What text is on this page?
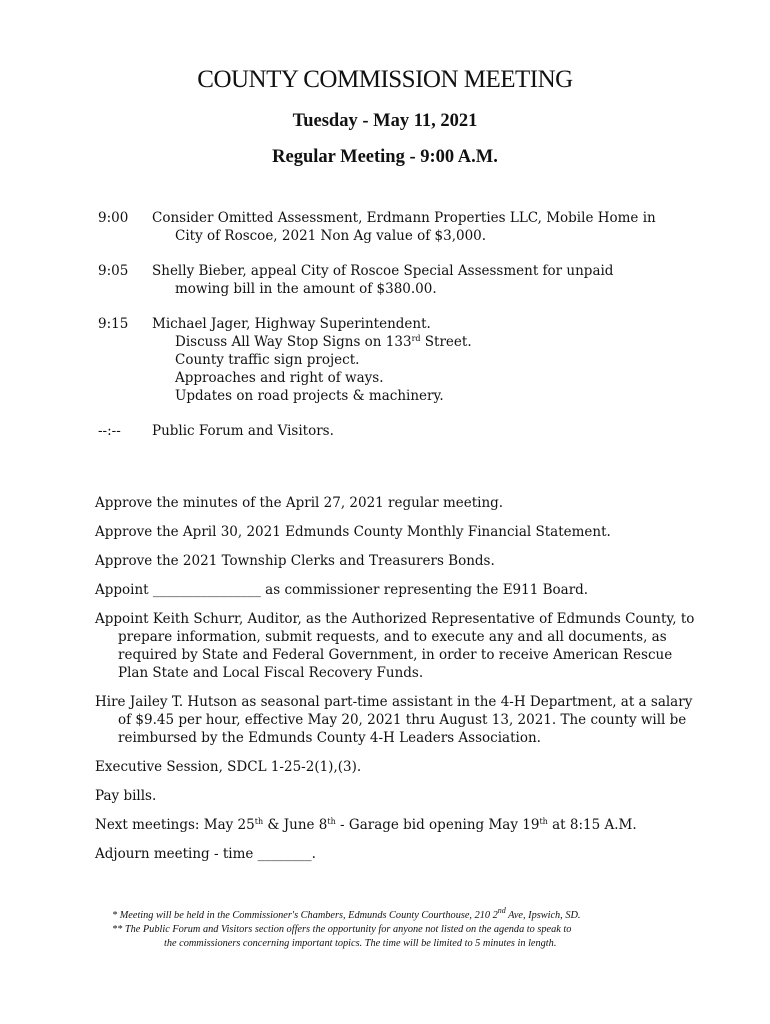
COUNTY COMMISSION MEETING
Tuesday - May 11, 2021
Regular Meeting - 9:00 A.M.
9:00	Consider Omitted Assessment, Erdmann Properties LLC, Mobile Home in
City of Roscoe, 2021 Non Ag value of $3,000.
9:05	Shelly Bieber, appeal City of Roscoe Special Assessment for unpaid
mowing bill in the amount of $380.00.
9:15	Michael Jager, Highway Superintendent.
Discuss All Way Stop Signs on 133rd Street.
County traffic sign project.
Approaches and right of ways.
Updates on road projects & machinery.
--:--	Public Forum and Visitors.
Approve the minutes of the April 27, 2021 regular meeting.
Approve the April 30, 2021 Edmunds County Monthly Financial Statement.
Approve the 2021 Township Clerks and Treasurers Bonds.
Appoint ________________ as commissioner representing the E911 Board.
Appoint Keith Schurr, Auditor, as the Authorized Representative of Edmunds County, to prepare information, submit requests, and to execute any and all documents, as required by State and Federal Government, in order to receive American Rescue Plan State and Local Fiscal Recovery Funds.
Hire Jailey T. Hutson as seasonal part-time assistant in the 4-H Department, at a salary of $9.45 per hour, effective May 20, 2021 thru August 13, 2021. The county will be reimbursed by the Edmunds County 4-H Leaders Association.
Executive Session, SDCL 1-25-2(1),(3).
Pay bills.
Next meetings: May 25th & June 8th - Garage bid opening May 19th at 8:15 A.M.
Adjourn meeting - time ________.
* Meeting will be held in the Commissioner's Chambers, Edmunds County Courthouse, 210 2nd Ave, Ipswich, SD.
** The Public Forum and Visitors section offers the opportunity for anyone not listed on the agenda to speak to
the commissioners concerning important topics. The time will be limited to 5 minutes in length.
